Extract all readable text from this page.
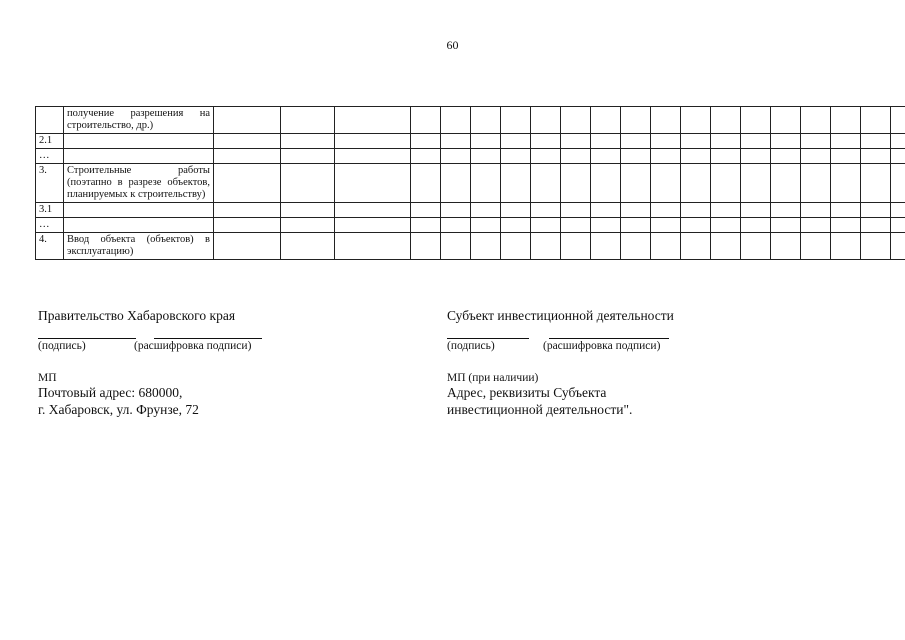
60
	получение разрешения на строительство, др.)																				
2.1																					
…																					
3.	Строительные работы (поэтапно в разрезе объектов, планируемых к строительству)																				
3.1																					
…																					
4.	Ввод объекта (объектов) в эксплуатацию)																				
Правительство Хабаровского края
(подпись)	(расшифровка подписи)
МП
Почтовый адрес: 680000,
г. Хабаровск, ул. Фрунзе, 72
Субъект инвестиционной деятельности
(подпись)	(расшифровка подписи)
МП (при наличии)
Адрес, реквизиты Субъекта
инвестиционной деятельности".
